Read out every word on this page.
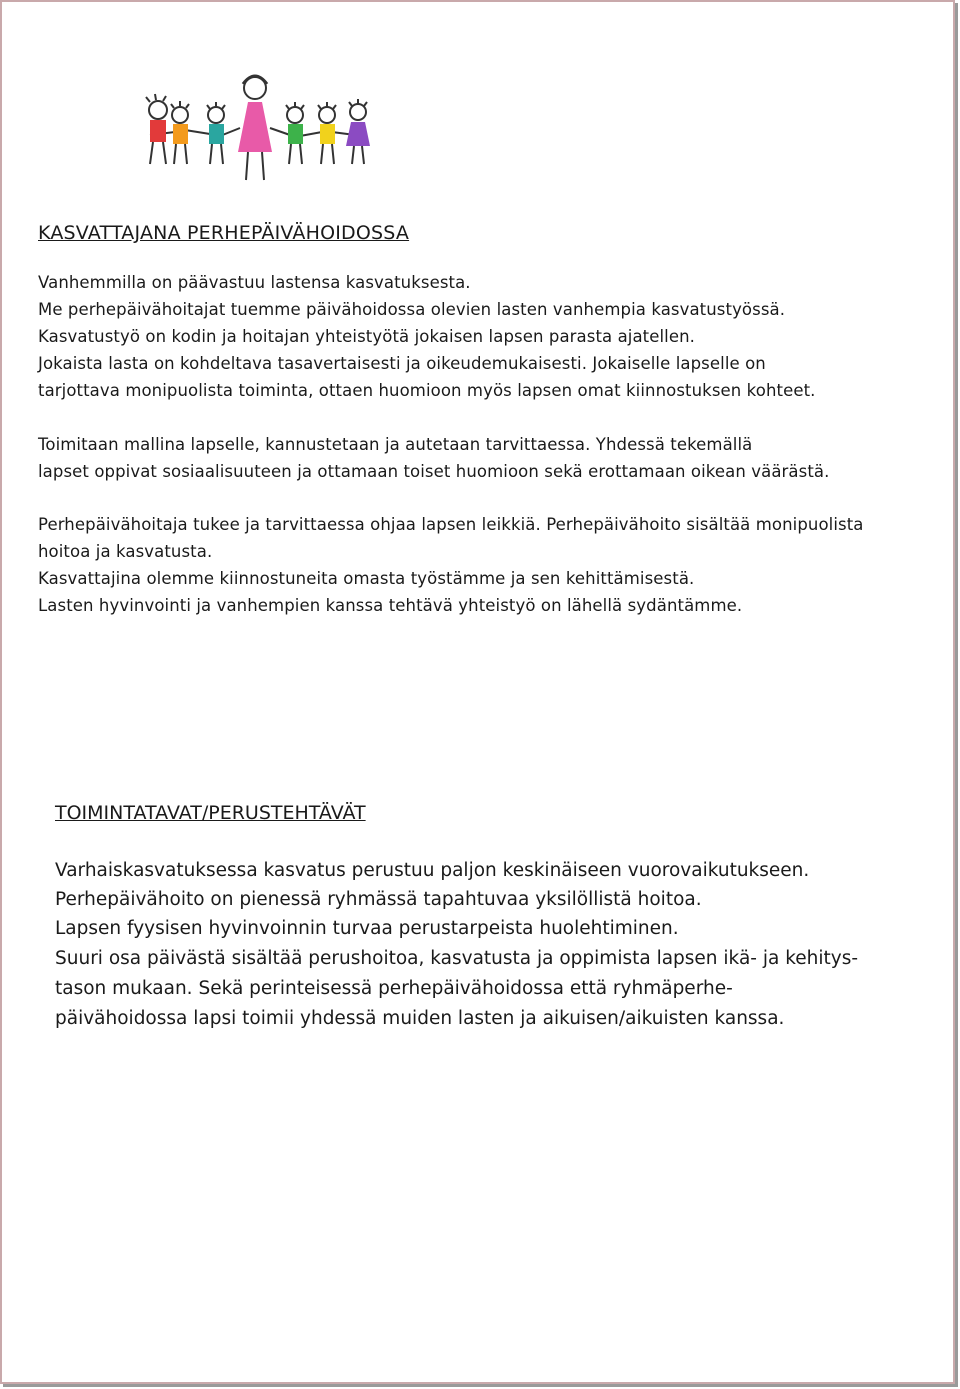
KASVATTAJANA PERHEPÄIVÄHOIDOSSA
Vanhemmilla on päävastuu lastensa kasvatuksesta.
Me perhepäivähoitajat tuemme päivähoidossa olevien lasten vanhempia kasvatustyössä.
Kasvatustyö on kodin ja hoitajan yhteistyötä jokaisen lapsen parasta ajatellen.
Jokaista lasta on kohdeltava tasavertaisesti ja oikeudemukaisesti. Jokaiselle lapselle on
tarjottava monipuolista toiminta, ottaen huomioon myös lapsen omat kiinnostuksen kohteet.
Toimitaan mallina lapselle, kannustetaan ja autetaan tarvittaessa. Yhdessä tekemällä
lapset oppivat sosiaalisuuteen ja ottamaan toiset huomioon sekä erottamaan oikean väärästä.
Perhepäivähoitaja tukee ja tarvittaessa ohjaa lapsen leikkiä. Perhepäivähoito sisältää monipuolista
hoitoa ja kasvatusta.
Kasvattajina olemme kiinnostuneita omasta työstämme ja sen kehittämisestä.
Lasten hyvinvointi ja vanhempien kanssa tehtävä yhteistyö on lähellä sydäntämme.
TOIMINTATAVAT/PERUSTEHTÄVÄT
Varhaiskasvatuksessa kasvatus perustuu paljon keskinäiseen vuorovaikutukseen.
Perhepäivähoito on pienessä ryhmässä tapahtuvaa yksilöllistä hoitoa.
Lapsen fyysisen hyvinvoinnin turvaa perustarpeista huolehtiminen.
Suuri osa päivästä sisältää perushoitoa, kasvatusta ja oppimista lapsen ikä- ja kehitys-
tason mukaan. Sekä perinteisessä perhepäivähoidossa että ryhmäperhe-
päivähoidossa lapsi toimii yhdessä muiden lasten ja aikuisen/aikuisten kanssa.
